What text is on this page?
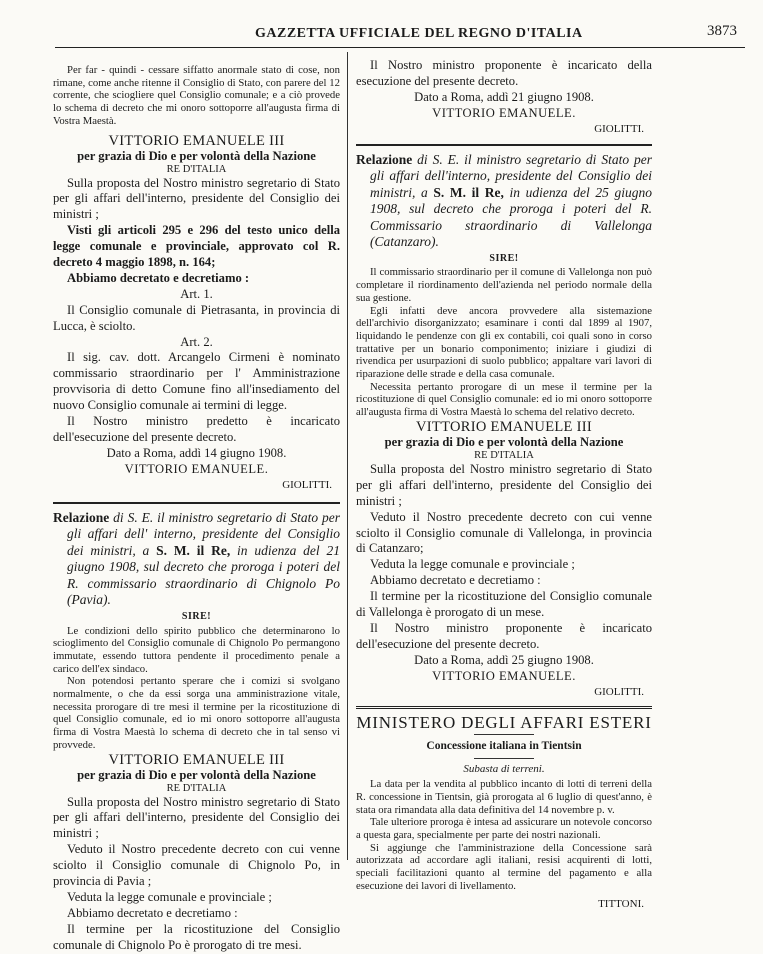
GAZZETTA UFFICIALE DEL REGNO D'ITALIA	3873

Per far - quindi - cessare siffatto anormale stato di cose, non rimane, come anche ritenne il Consiglio di Stato, con parere del 12 corrente, che sciogliere quel Consiglio comunale; e a ciò provede lo schema di decreto che mi onoro sottoporre all'augusta firma di Vostra Maestà.

VITTORIO EMANUELE III
per grazia di Dio e per volontà della Nazione
RE D'ITALIA

Sulla proposta del Nostro ministro segretario di Stato per gli affari dell'interno, presidente del Consiglio dei ministri ;

Visti gli articoli 295 e 296 del testo unico della legge comunale e provinciale, approvato col R. decreto 4 maggio 1898, n. 164;

Abbiamo decretato e decretiamo :

Art. 1.

Il Consiglio comunale di Pietrasanta, in provincia di Lucca, è sciolto.

Art. 2.

Il sig. cav. dott. Arcangelo Cirmeni è nominato commissario straordinario per l' Amministrazione provvisoria di detto Comune fino all'insediamento del nuovo Consiglio comunale ai termini di legge.

Il Nostro ministro predetto è incaricato dell'esecuzione del presente decreto.

Dato a Roma, addì 14 giugno 1908.
VITTORIO EMANUELE.
GIOLITTI.

Relazione di S. E. il ministro segretario di Stato per gli affari dell' interno, presidente del Consiglio dei ministri, a S. M. il Re, in udienza del 21 giugno 1908, sul decreto che proroga i poteri del R. commissario straordinario di Chignolo Po (Pavia).

SIRE!

Le condizioni dello spirito pubblico che determinarono lo scioglimento del Consiglio comunale di Chignolo Po permangono immutate, essendo tuttora pendente il procedimento penale a carico dell'ex sindaco.

Non potendosi pertanto sperare che i comizi si svolgano normalmente, o che da essi sorga una amministrazione vitale, necessita prorogare di tre mesi il termine per la ricostituzione di quel Consiglio comunale, ed io mi onoro sottoporre all'augusta firma di Vostra Maestà lo schema di decreto che in tal senso vi provvede.

VITTORIO EMANUELE III
per grazia di Dio e per volontà della Nazione
RE D'ITALIA

Sulla proposta del Nostro ministro segretario di Stato per gli affari dell'interno, presidente del Consiglio dei ministri ;

Veduto il Nostro precedente decreto con cui venne sciolto il Consiglio comunale di Chignolo Po, in provincia di Pavia ;

Veduta la legge comunale e provinciale ;

Abbiamo decretato e decretiamo :

Il termine per la ricostituzione del Consiglio comunale di Chignolo Po è prorogato di tre mesi.

Il Nostro ministro proponente è incaricato della esecuzione del presente decreto.

Dato a Roma, addì 21 giugno 1908.
VITTORIO EMANUELE.
GIOLITTI.

Relazione di S. E. il ministro segretario di Stato per gli affari dell'interno, presidente del Consiglio dei ministri, a S. M. il Re, in udienza del 25 giugno 1908, sul decreto che proroga i poteri del R. Commissario straordinario di Vallelonga (Catanzaro).

SIRE!

Il commissario straordinario per il comune di Vallelonga non può completare il riordinamento dell'azienda nel periodo normale della sua gestione.

Egli infatti deve ancora provvedere alla sistemazione dell'archivio disorganizzato; esaminare i conti dal 1899 al 1907, liquidando le pendenze con gli ex contabili, coi quali sono in corso trattative per un bonario componimento; iniziare i giudizi di rivendica per usurpazioni di suolo pubblico; appaltare vari lavori di riparazione delle strade e della casa comunale.

Necessita pertanto prorogare di un mese il termine per la ricostituzione di quel Consiglio comunale: ed io mi onoro sottoporre all'augusta firma di Vostra Maestà lo schema del relativo decreto.

VITTORIO EMANUELE III
per grazia di Dio e per volontà della Nazione
RE D'ITALIA

Sulla proposta del Nostro ministro segretario di Stato per gli affari dell'interno, presidente del Consiglio dei ministri ;

Veduto il Nostro precedente decreto con cui venne sciolto il Consiglio comunale di Vallelonga, in provincia di Catanzaro;

Veduta la legge comunale e provinciale ;

Abbiamo decretato e decretiamo :

Il termine per la ricostituzione del Consiglio comunale di Vallelonga è prorogato di un mese.

Il Nostro ministro proponente è incaricato dell'esecuzione del presente decreto.

Dato a Roma, addì 25 giugno 1908.
VITTORIO EMANUELE.
GIOLITTI.
MINISTERO DEGLI AFFARI ESTERI
Concessione italiana in Tientsin
Subasta di terreni.

La data per la vendita al pubblico incanto di lotti di terreni della R. concessione in Tientsin, già prorogata al 6 luglio di quest'anno, è stata ora rimandata alla data definitiva del 14 novembre p. v.

Tale ulteriore proroga è intesa ad assicurare un notevole concorso a questa gara, specialmente per parte dei nostri nazionali.

Si aggiunge che l'amministrazione della Concessione sarà autorizzata ad accordare agli italiani, resisi acquirenti di lotti, speciali facilitazioni quanto al termine del pagamento e alla esecuzione dei lavori di livellamento.

TITTONI.
